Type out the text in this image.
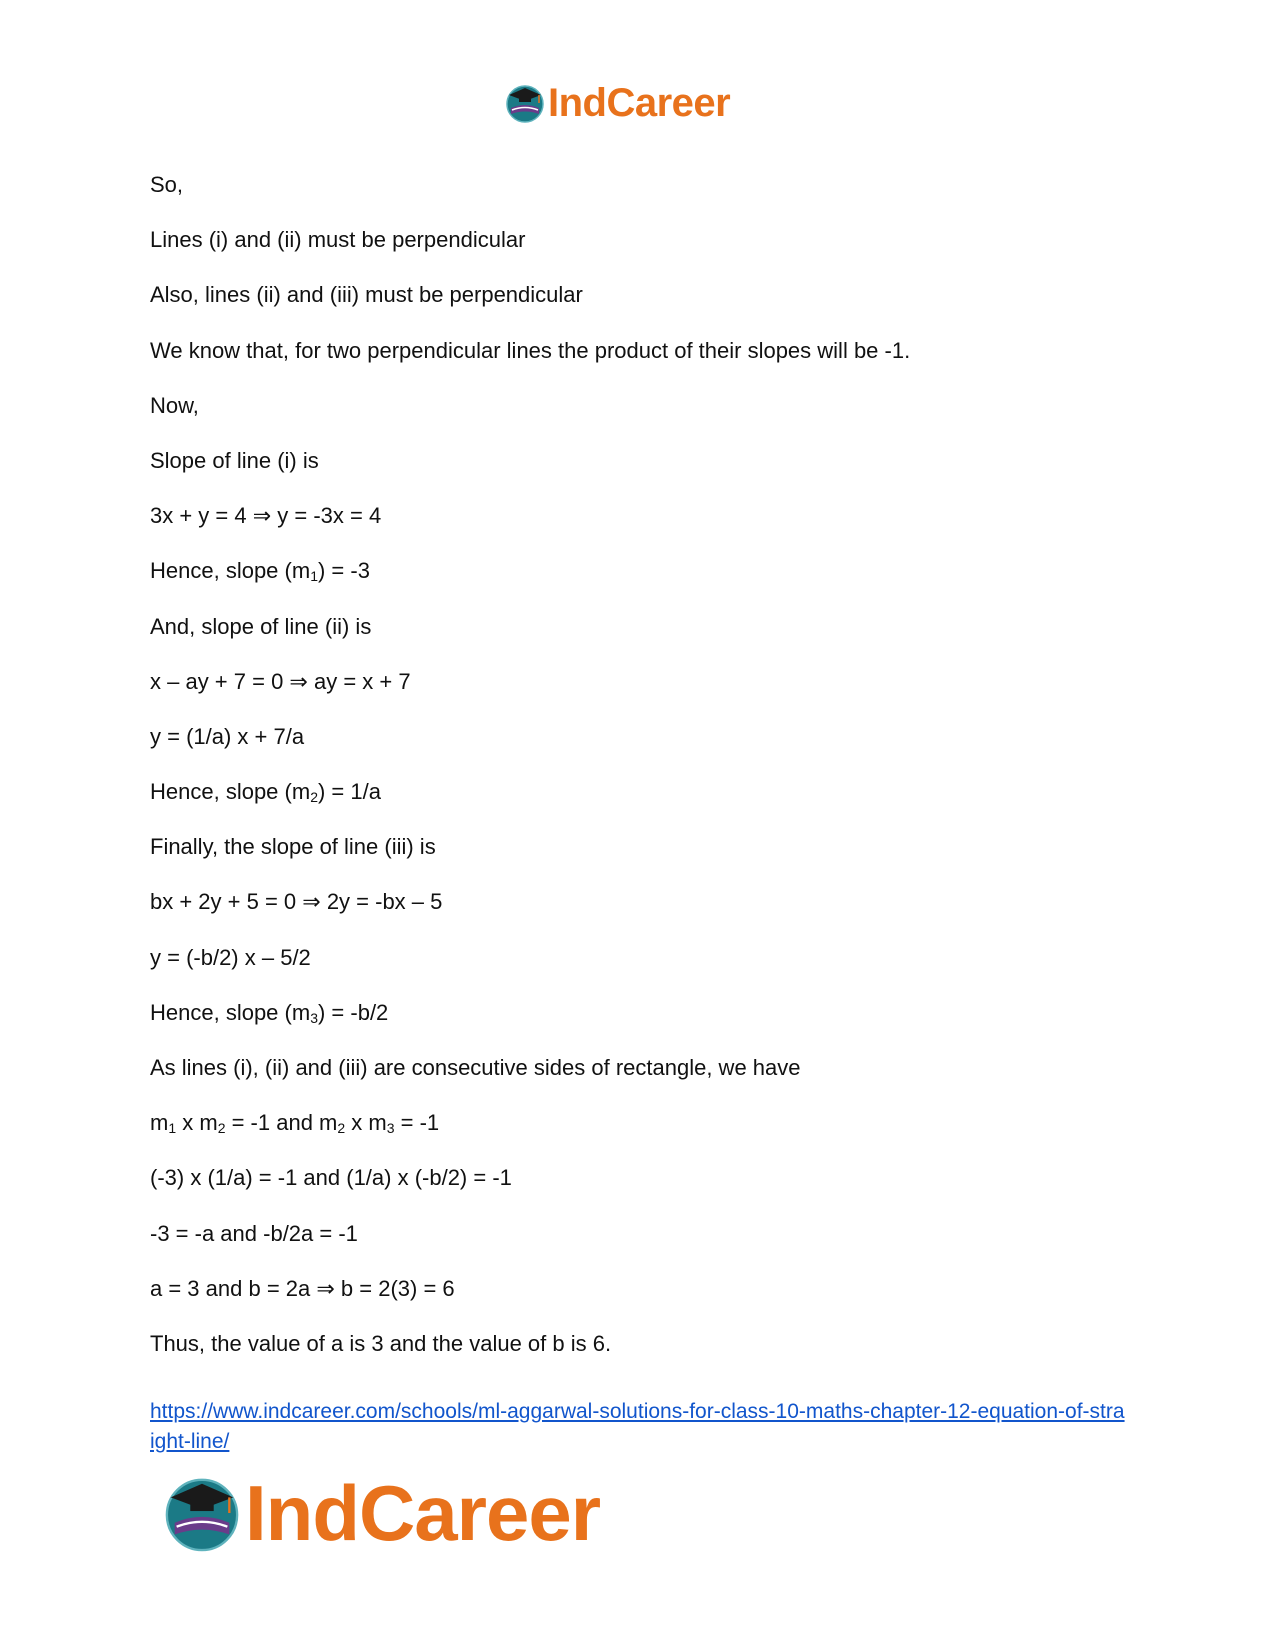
IndCareer
So,
Lines (i) and (ii) must be perpendicular
Also, lines (ii) and (iii) must be perpendicular
We know that, for two perpendicular lines the product of their slopes will be -1.
Now,
Slope of line (i) is
3x + y = 4 ⇒ y = -3x = 4
Hence, slope $(m_1) = -3$
And, slope of line (ii) is
x – ay + 7 = 0 ⇒ ay = x + 7
y = (1/a) x + 7/a
Hence, slope $(m_2) = 1/a$
Finally, the slope of line (iii) is
bx + 2y + 5 = 0 ⇒ 2y = -bx – 5
y = (-b/2) x – 5/2
Hence, slope $(m_3) = -b/2$
As lines (i), (ii) and (iii) are consecutive sides of rectangle, we have
$m_1$ x $m_2 = -1$ and $m_2$ x $m_3 = -1$
(-3) x (1/a) = -1 and (1/a) x (-b/2) = -1
-3 = -a and -b/2a = -1
a = 3 and b = 2a ⇒ b = 2(3) = 6
Thus, the value of a is 3 and the value of b is 6.
https://www.indcareer.com/schools/ml-aggarwal-solutions-for-class-10-maths-chapter-12-equation-of-straight-line/
IndCareer
